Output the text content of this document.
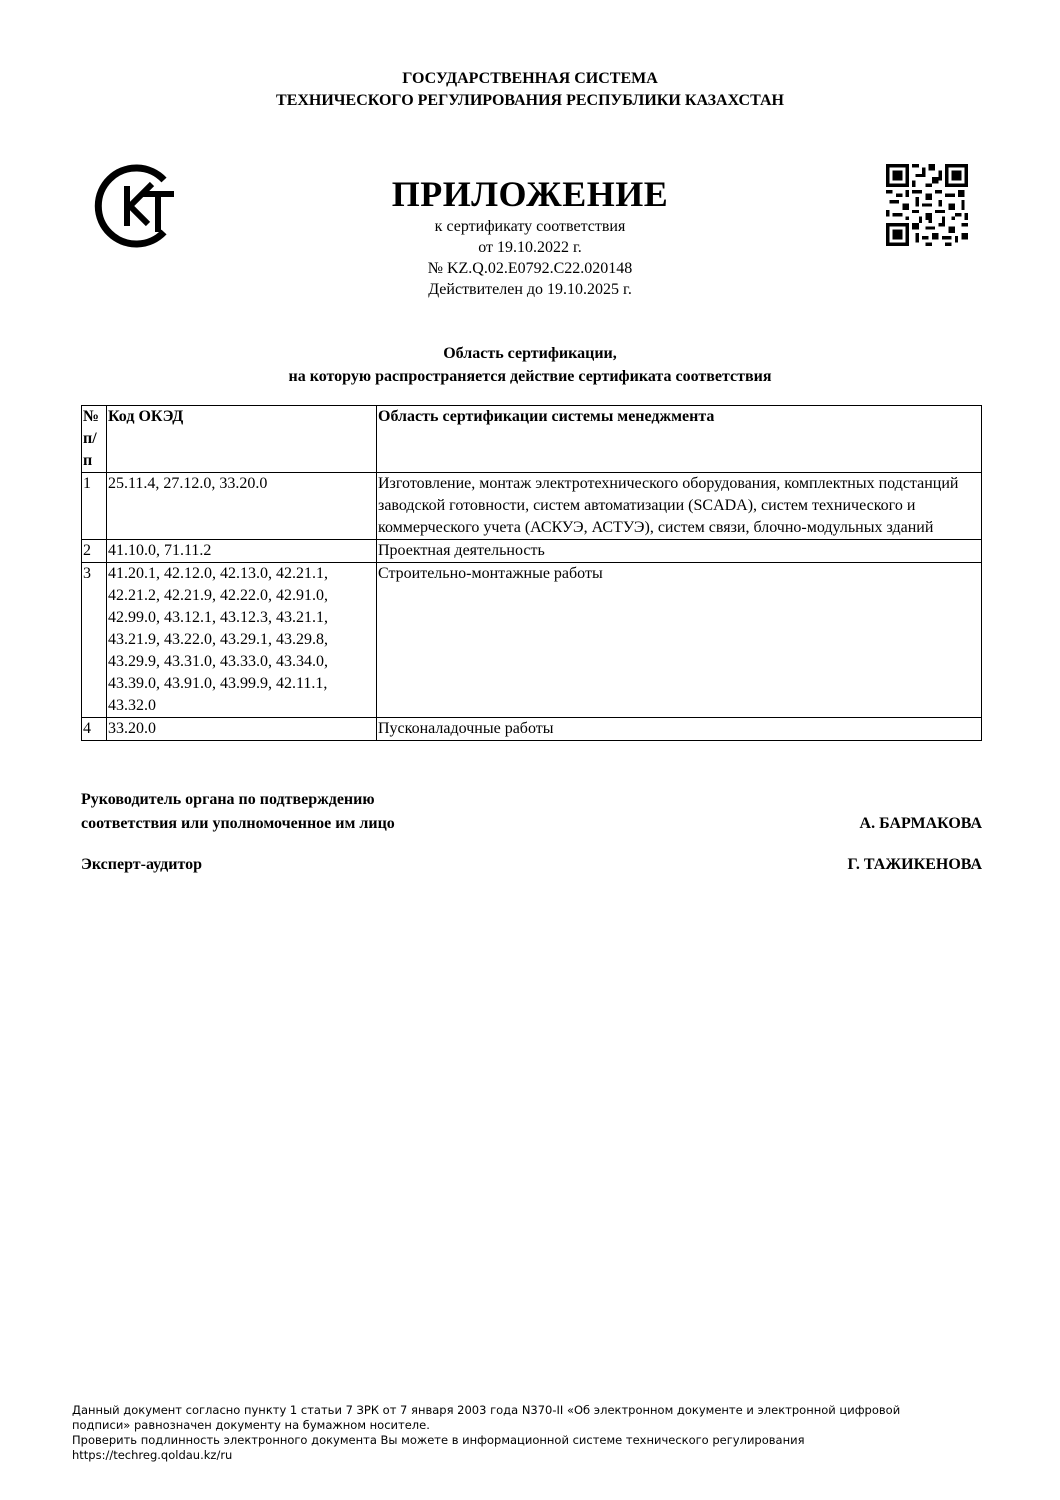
ГОСУДАРСТВЕННАЯ СИСТЕМА
ТЕХНИЧЕСКОГО РЕГУЛИРОВАНИЯ РЕСПУБЛИКИ КАЗАХСТАН
ПРИЛОЖЕНИЕ
к сертификату соответствия
от 19.10.2022 г.
№ KZ.Q.02.E0792.C22.020148
Действителен до 19.10.2025 г.
Область сертификации,
на которую распространяется действие сертификата соответствия
№ п/п	Код ОКЭД	Область сертификации системы менеджмента
1	25.11.4, 27.12.0, 33.20.0	Изготовление, монтаж электротехнического оборудования, комплектных подстанций заводской готовности, систем автоматизации (SCADA), систем технического и коммерческого учета (АСКУЭ, АСТУЭ), систем связи, блочно-модульных зданий
2	41.10.0, 71.11.2	Проектная деятельность
3	41.20.1, 42.12.0, 42.13.0, 42.21.1, 42.21.2, 42.21.9, 42.22.0, 42.91.0, 42.99.0, 43.12.1, 43.12.3, 43.21.1, 43.21.9, 43.22.0, 43.29.1, 43.29.8, 43.29.9, 43.31.0, 43.33.0, 43.34.0, 43.39.0, 43.91.0, 43.99.9, 42.11.1, 43.32.0	Строительно-монтажные работы
4	33.20.0	Пусконаладочные работы
Руководитель органа по подтверждению
соответствия или уполномоченное им лицо	А. БАРМАКОВА
Эксперт-аудитор	Г. ТАЖИКЕНОВА
Данный документ согласно пункту 1 статьи 7 ЗРК от 7 января 2003 года N370-II «Об электронном документе и электронной цифровой
подписи» равнозначен документу на бумажном носителе.
Проверить подлинность электронного документа Вы можете в информационной системе технического регулирования
https://techreg.qoldau.kz/ru
